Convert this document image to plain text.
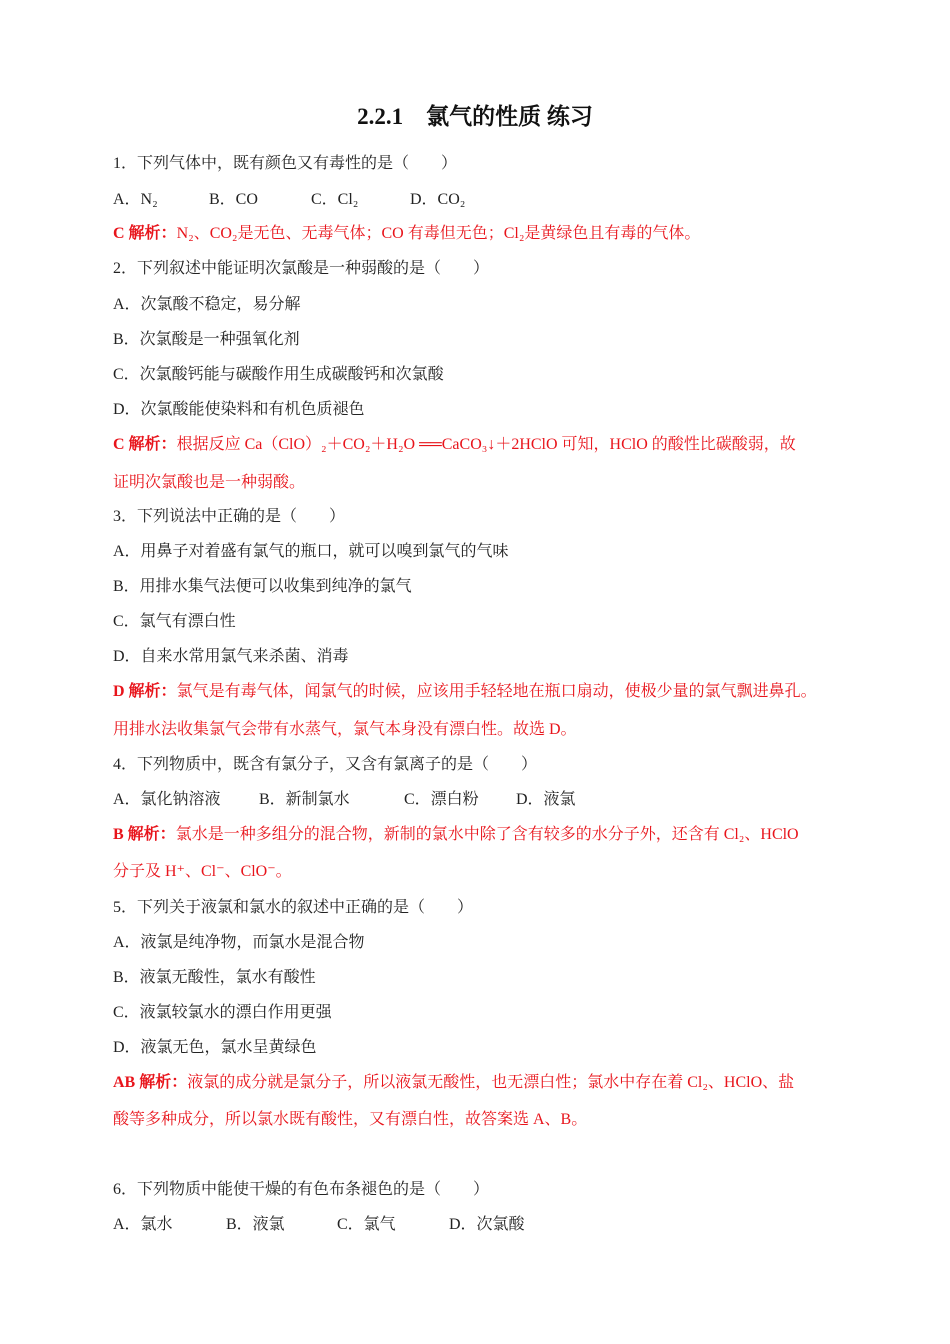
2.2.1　氯气的性质 练习
1．下列气体中，既有颜色又有毒性的是（　　）
A．N₂	B．CO	C．Cl₂	D．CO₂
C 解析：N₂、CO₂是无色、无毒气体；CO 有毒但无色；Cl₂是黄绿色且有毒的气体。
2．下列叙述中能证明次氯酸是一种弱酸的是（　　）
A．次氯酸不稳定，易分解
B．次氯酸是一种强氧化剂
C．次氯酸钙能与碳酸作用生成碳酸钙和次氯酸
D．次氯酸能使染料和有机色质褪色
C 解析：根据反应 Ca（ClO）₂＋CO₂＋H₂O ══CaCO₃↓＋2HClO 可知，HClO 的酸性比碳酸弱，故
证明次氯酸也是一种弱酸。
3．下列说法中正确的是（　　）
A．用鼻子对着盛有氯气的瓶口，就可以嗅到氯气的气味
B．用排水集气法便可以收集到纯净的氯气
C．氯气有漂白性
D．自来水常用氯气来杀菌、消毒
D 解析：氯气是有毒气体，闻氯气的时候，应该用手轻轻地在瓶口扇动，使极少量的氯气飘进鼻孔。
用排水法收集氯气会带有水蒸气，氯气本身没有漂白性。故选 D。
4．下列物质中，既含有氯分子，又含有氯离子的是（　　）
A．氯化钠溶液 B．新制氯水	C．漂白粉 D．液氯
B 解析：氯水是一种多组分的混合物，新制的氯水中除了含有较多的水分子外，还含有 Cl₂、HClO
分子及 H⁺、Cl⁻、ClO⁻。
5．下列关于液氯和氯水的叙述中正确的是（　　）
A．液氯是纯净物，而氯水是混合物
B．液氯无酸性，氯水有酸性
C．液氯较氯水的漂白作用更强
D．液氯无色，氯水呈黄绿色
AB 解析：液氯的成分就是氯分子，所以液氯无酸性，也无漂白性；氯水中存在着 Cl₂、HClO、盐
酸等多种成分，所以氯水既有酸性，又有漂白性，故答案选 A、B。
6．下列物质中能使干燥的有色布条褪色的是（　　）
A．氯水	B．液氯	C．氯气	D．次氯酸
